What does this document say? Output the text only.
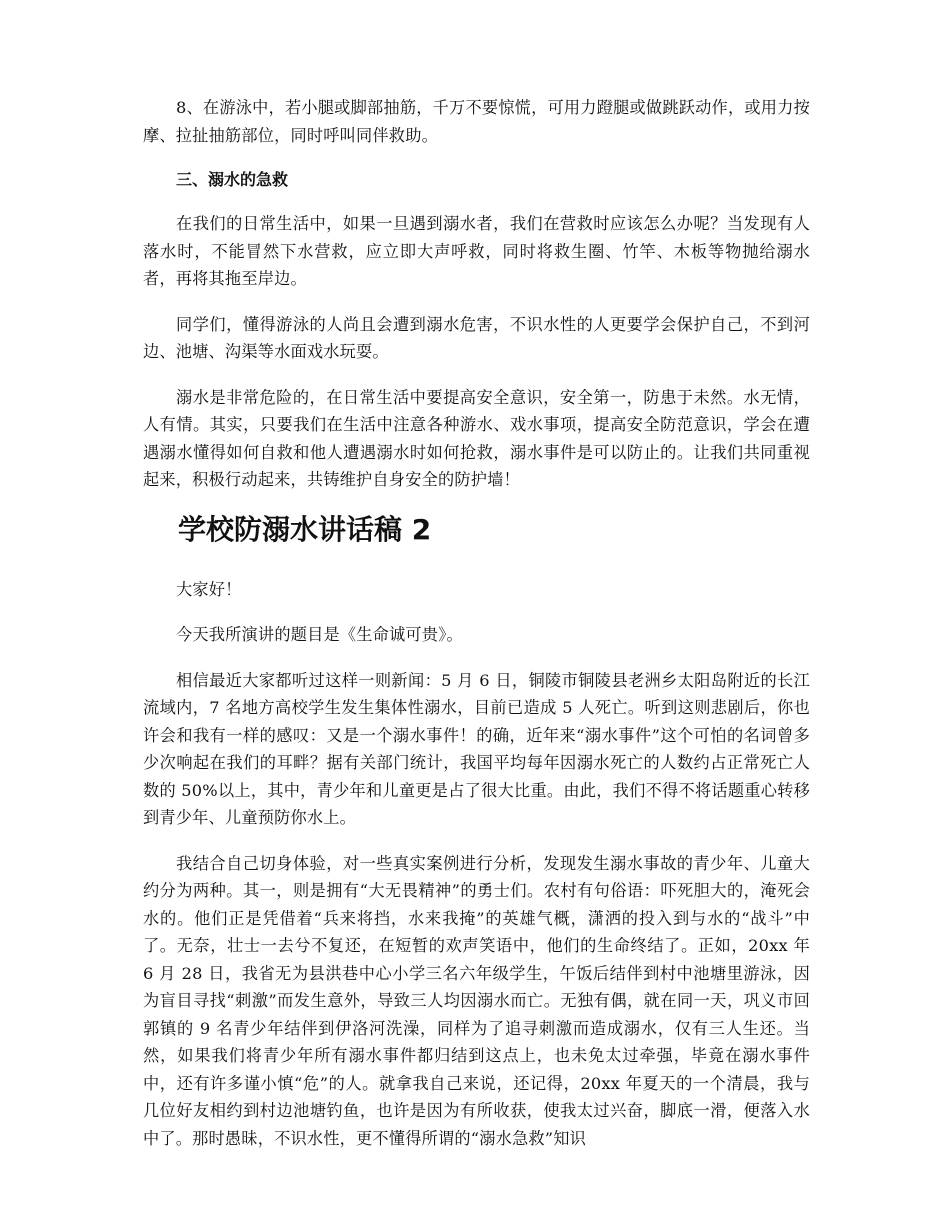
8、在游泳中，若小腿或脚部抽筋，千万不要惊慌，可用力蹬腿或做跳跃动作，或用力按摩、拉扯抽筋部位，同时呼叫同伴救助。

三、溺水的急救

在我们的日常生活中，如果一旦遇到溺水者，我们在营救时应该怎么办呢？当发现有人落水时，不能冒然下水营救，应立即大声呼救，同时将救生圈、竹竿、木板等物抛给溺水者，再将其拖至岸边。

同学们，懂得游泳的人尚且会遭到溺水危害，不识水性的人更要学会保护自己，不到河边、池塘、沟渠等水面戏水玩耍。

溺水是非常危险的，在日常生活中要提高安全意识，安全第一，防患于未然。水无情，人有情。其实，只要我们在生活中注意各种游水、戏水事项，提高安全防范意识，学会在遭遇溺水懂得如何自救和他人遭遇溺水时如何抢救，溺水事件是可以防止的。让我们共同重视起来，积极行动起来，共铸维护自身安全的防护墙！

学校防溺水讲话稿 2

大家好！

今天我所演讲的题目是《生命诚可贵》。

相信最近大家都听过这样一则新闻：5 月 6 日，铜陵市铜陵县老洲乡太阳岛附近的长江流域内，7 名地方高校学生发生集体性溺水，目前已造成 5 人死亡。听到这则悲剧后，你也许会和我有一样的感叹：又是一个溺水事件！的确，近年来“溺水事件”这个可怕的名词曾多少次响起在我们的耳畔？据有关部门统计，我国平均每年因溺水死亡的人数约占正常死亡人数的 50%以上，其中，青少年和儿童更是占了很大比重。由此，我们不得不将话题重心转移到青少年、儿童预防你水上。

我结合自己切身体验，对一些真实案例进行分析，发现发生溺水事故的青少年、儿童大约分为两种。其一，则是拥有“大无畏精神”的勇士们。农村有句俗语：吓死胆大的，淹死会水的。他们正是凭借着“兵来将挡，水来我掩”的英雄气概，潇洒的投入到与水的“战斗”中了。无奈，壮士一去兮不复还，在短暂的欢声笑语中，他们的生命终结了。正如，20xx 年 6 月 28 日，我省无为县洪巷中心小学三名六年级学生，午饭后结伴到村中池塘里游泳，因为盲目寻找“刺激”而发生意外，导致三人均因溺水而亡。无独有偶，就在同一天，巩义市回郭镇的 9 名青少年结伴到伊洛河洗澡，同样为了追寻刺激而造成溺水，仅有三人生还。当然，如果我们将青少年所有溺水事件都归结到这点上，也未免太过牵强，毕竟在溺水事件中，还有许多谨小慎“危”的人。就拿我自己来说，还记得，20xx 年夏天的一个清晨，我与几位好友相约到村边池塘钓鱼，也许是因为有所收获，使我太过兴奋，脚底一滑，便落入水中了。那时愚昧，不识水性，更不懂得所谓的“溺水急救”知识
